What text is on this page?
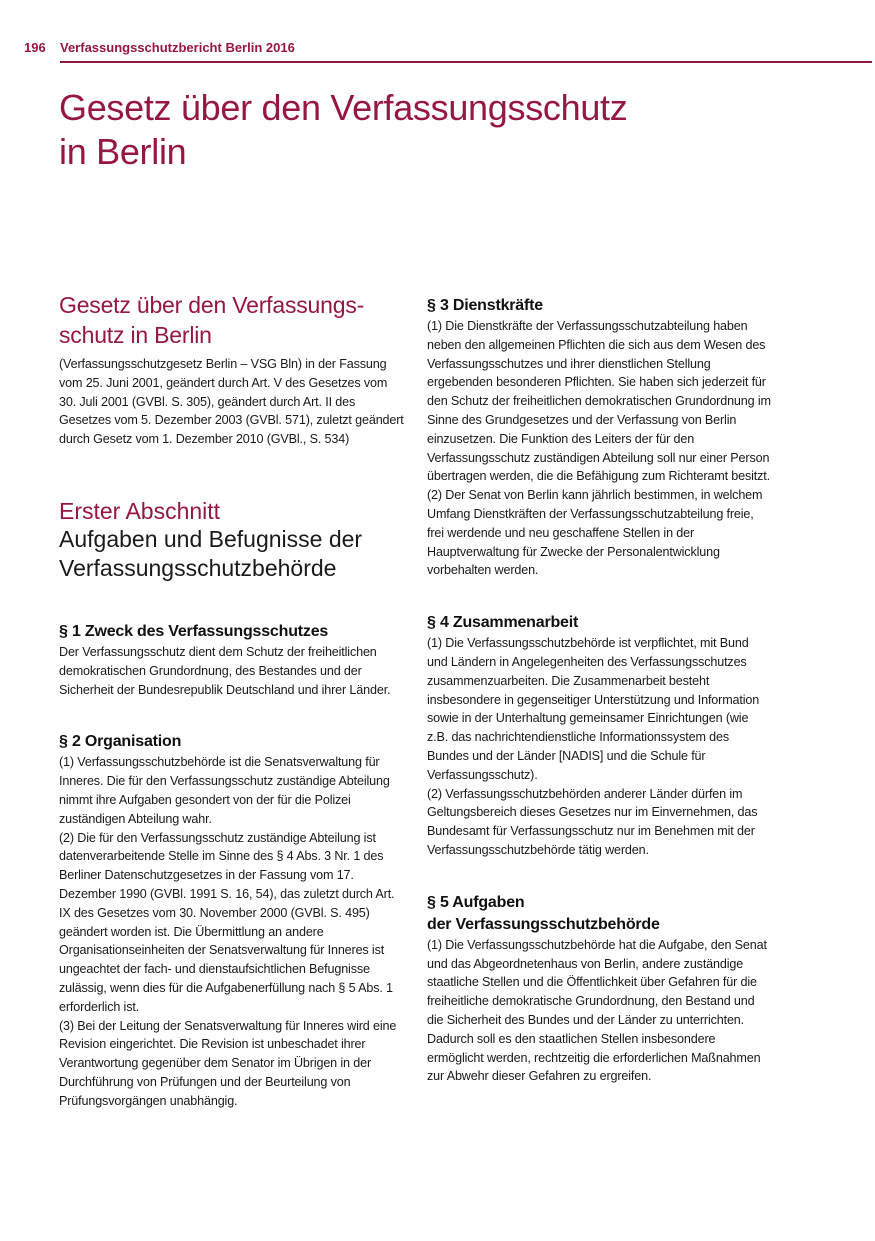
196	Verfassungsschutzbericht Berlin 2016
Gesetz über den Verfassungsschutz
in Berlin
Gesetz über den Verfassungs-
schutz in Berlin

(Verfassungsschutzgesetz Berlin – VSG Bln) in der Fassung vom 25. Juni 2001, geändert durch Art. V des Gesetzes vom 30. Juli 2001 (GVBl. S. 305), geändert durch Art. II des Gesetzes vom 5. Dezember 2003 (GVBl. 571), zuletzt geändert durch Gesetz vom 1. Dezember 2010 (GVBl., S. 534)

Erster Abschnitt
Aufgaben und Befugnisse der
Verfassungsschutzbehörde
§ 1 Zweck des Verfassungsschutzes

Der Verfassungsschutz dient dem Schutz der freiheitlichen demokratischen Grundordnung, des Bestandes und der Sicherheit der Bundesrepublik Deutschland und ihrer Länder.

§ 2 Organisation

(1) Verfassungsschutzbehörde ist die Senatsverwaltung für Inneres. Die für den Verfassungsschutz zuständige Abteilung nimmt ihre Aufgaben gesondert von der für die Polizei zuständigen Abteilung wahr.

(2) Die für den Verfassungsschutz zuständige Abteilung ist datenverarbeitende Stelle im Sinne des § 4 Abs. 3 Nr. 1 des Berliner Datenschutzgesetzes in der Fassung vom 17. Dezember 1990 (GVBl. 1991 S. 16, 54), das zuletzt durch Art. IX des Gesetzes vom 30. November 2000 (GVBl. S. 495) geändert worden ist. Die Übermittlung an andere Organisationseinheiten der Senatsverwaltung für Inneres ist ungeachtet der fach- und dienstaufsichtlichen Befugnisse zulässig, wenn dies für die Aufgabenerfüllung nach § 5 Abs. 1 erforderlich ist.

(3) Bei der Leitung der Senatsverwaltung für Inneres wird eine Revision eingerichtet. Die Revision ist unbeschadet ihrer Verantwortung gegenüber dem Senator im Übrigen in der Durchführung von Prüfungen und der Beurteilung von Prüfungsvorgängen unabhängig.

§ 3 Dienstkräfte

(1) Die Dienstkräfte der Verfassungsschutzabteilung haben neben den allgemeinen Pflichten die sich aus dem Wesen des Verfassungsschutzes und ihrer dienstlichen Stellung ergebenden besonderen Pflichten. Sie haben sich jederzeit für den Schutz der freiheitlichen demokratischen Grundordnung im Sinne des Grundgesetzes und der Verfassung von Berlin einzusetzen. Die Funktion des Leiters der für den Verfassungsschutz zuständigen Abteilung soll nur einer Person übertragen werden, die die Befähigung zum Richteramt besitzt.

(2) Der Senat von Berlin kann jährlich bestimmen, in welchem Umfang Dienstkräften der Verfassungsschutzabteilung freie, frei werdende und neu geschaffene Stellen in der Hauptverwaltung für Zwecke der Personalentwicklung vorbehalten werden.

§ 4 Zusammenarbeit

(1) Die Verfassungsschutzbehörde ist verpflichtet, mit Bund und Ländern in Angelegenheiten des Verfassungsschutzes zusammenzuarbeiten. Die Zusammenarbeit besteht insbesondere in gegenseitiger Unterstützung und Information sowie in der Unterhaltung gemeinsamer Einrichtungen (wie z.B. das nachrichtendienstliche Informationssystem des Bundes und der Länder [NADIS] und die Schule für Verfassungsschutz).

(2) Verfassungsschutzbehörden anderer Länder dürfen im Geltungsbereich dieses Gesetzes nur im Einvernehmen, das Bundesamt für Verfassungsschutz nur im Benehmen mit der Verfassungsschutzbehörde tätig werden.

§ 5 Aufgaben
der Verfassungsschutzbehörde

(1) Die Verfassungsschutzbehörde hat die Aufgabe, den Senat und das Abgeordnetenhaus von Berlin, andere zuständige staatliche Stellen und die Öffentlichkeit über Gefahren für die freiheitliche demokratische Grundordnung, den Bestand und die Sicherheit des Bundes und der Länder zu unterrichten. Dadurch soll es den staatlichen Stellen insbesondere ermöglicht werden, rechtzeitig die erforderlichen Maßnahmen zur Abwehr dieser Gefahren zu ergreifen.
